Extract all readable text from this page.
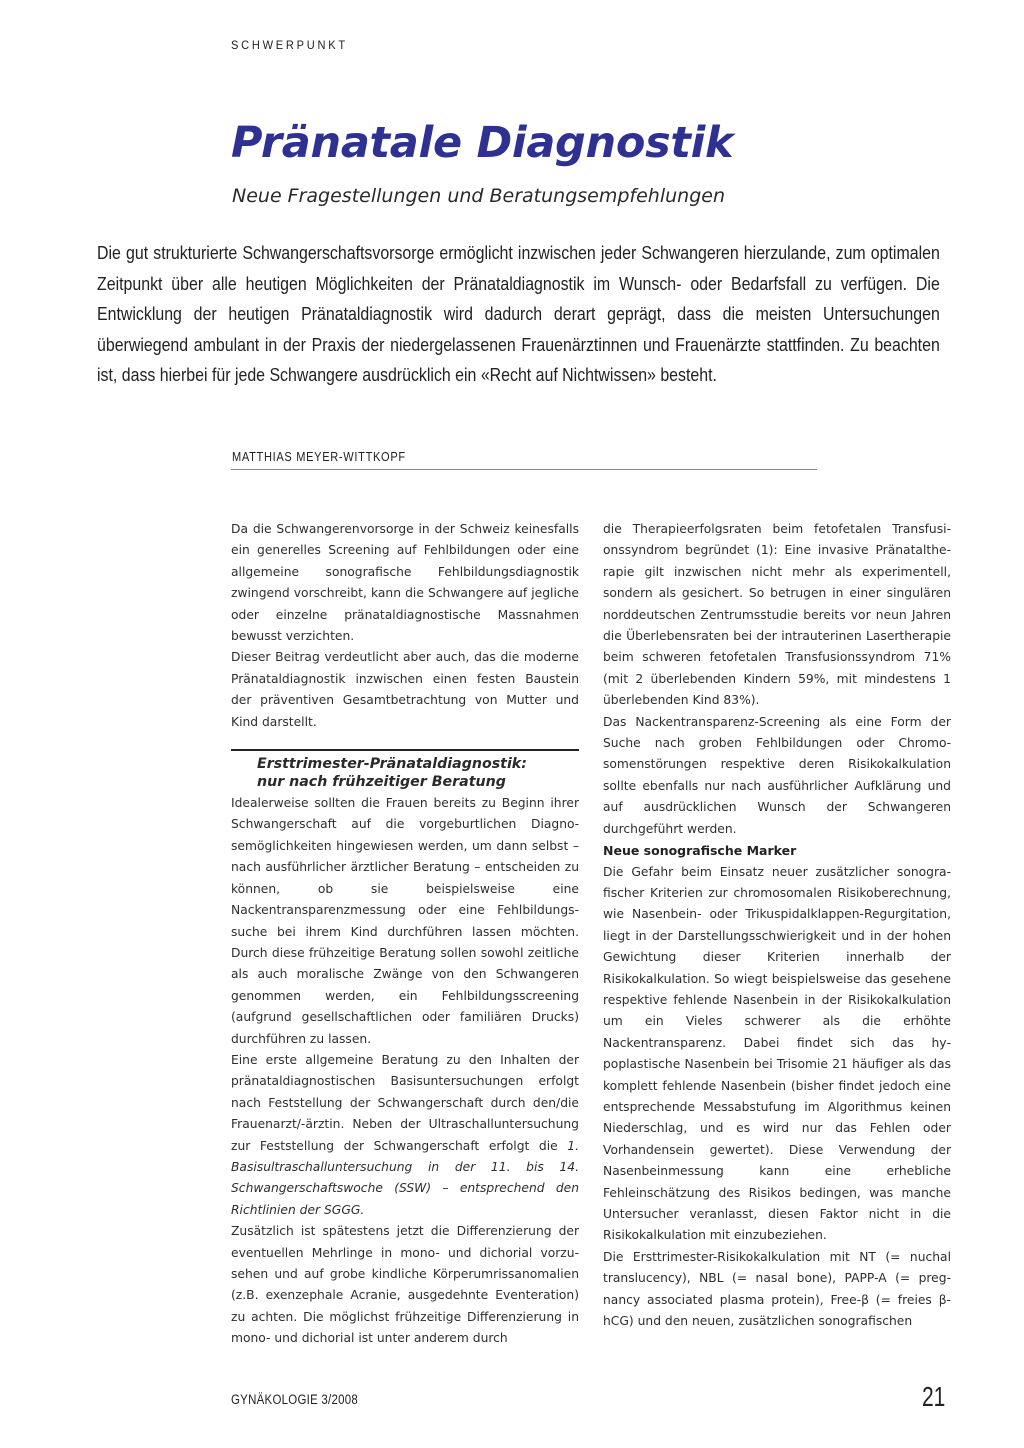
SCHWERPUNKT
Pränatale Diagnostik
Neue Fragestellungen und Beratungsempfehlungen

Die gut strukturierte Schwangerschaftsvorsorge ermöglicht inzwischen jeder Schwangeren hierzulande, zum optimalen Zeitpunkt über alle heutigen Möglichkeiten der Pränataldiagnostik im Wunsch- oder Bedarfsfall zu verfügen. Die Entwicklung der heutigen Pränataldiagnostik wird dadurch derart geprägt, dass die meisten Untersuchungen überwiegend ambulant in der Praxis der niedergelassenen Frauenärztinnen und Frauenärzte stattfinden. Zu beachten ist, dass hierbei für jede Schwangere ausdrücklich ein «Recht auf Nichtwissen» besteht.

MATTHIAS MEYER-WITTKOPF

Da die Schwangerenvorsorge in der Schweiz keinesfalls ein generelles Screening auf Fehlbildungen oder eine allgemeine sonografische Fehlbildungsdiagnostik zwingend vorschreibt, kann die Schwangere auf jegliche oder einzelne pränataldiagnostische Massnahmen bewusst verzichten.

Dieser Beitrag verdeutlicht aber auch, das die moderne Pränataldiagnostik inzwischen einen festen Baustein der präventiven Gesamtbetrachtung von Mutter und Kind darstellt.

Ersttrimester-Pränataldiagnostik:
nur nach frühzeitiger Beratung

Idealerweise sollten die Frauen bereits zu Beginn ihrer Schwangerschaft auf die vorgeburtlichen Diagnosemöglichkeiten hingewiesen werden, um dann selbst – nach ausführlicher ärztlicher Beratung – entscheiden zu können, ob sie beispielsweise eine Nackentransparenzmessung oder eine Fehlbildungssuche bei ihrem Kind durchführen lassen möchten. Durch diese frühzeitige Beratung sollen sowohl zeitliche als auch moralische Zwänge von den Schwangeren genommen werden, ein Fehlbildungsscreening (aufgrund gesellschaftlichen oder familiären Drucks) durchführen zu lassen.

Eine erste allgemeine Beratung zu den Inhalten der pränataldiagnostischen Basisuntersuchungen erfolgt nach Feststellung der Schwangerschaft durch den/die Frauenarzt/-ärztin. Neben der Ultraschalluntersuchung zur Feststellung der Schwangerschaft erfolgt die 1. Basisultraschalluntersuchung in der 11. bis 14. Schwangerschaftswoche (SSW) – entsprechend den Richtlinien der SGGG.

Zusätzlich ist spätestens jetzt die Differenzierung der eventuellen Mehrlinge in mono- und dichorial vorzusehen und auf grobe kindliche Körperumrissanomalien (z.B. exenzephale Acranie, ausgedehnte Eventeration) zu achten. Die möglichst frühzeitige Differenzierung in mono- und dichorial ist unter anderem durch

die Therapieerfolgsraten beim fetofetalen Transfusionssyndrom begründet (1): Eine invasive Pränataltherapie gilt inzwischen nicht mehr als experimentell, sondern als gesichert. So betrugen in einer singulären norddeutschen Zentrumsstudie bereits vor neun Jahren die Überlebensraten bei der intrauterinen Lasertherapie beim schweren fetofetalen Transfusionssyndrom 71% (mit 2 überlebenden Kindern 59%, mit mindestens 1 überlebenden Kind 83%).

Das Nackentransparenz-Screening als eine Form der Suche nach groben Fehlbildungen oder Chromosomenstörungen respektive deren Risikokalkulation sollte ebenfalls nur nach ausführlicher Aufklärung und auf ausdrücklichen Wunsch der Schwangeren durchgeführt werden.

Neue sonografische Marker

Die Gefahr beim Einsatz neuer zusätzlicher sonografischer Kriterien zur chromosomalen Risikoberechnung, wie Nasenbein- oder Trikuspidalklappen-Regurgitation, liegt in der Darstellungsschwierigkeit und in der hohen Gewichtung dieser Kriterien innerhalb der Risikokalkulation. So wiegt beispielsweise das gesehene respektive fehlende Nasenbein in der Risikokalkulation um ein Vieles schwerer als die erhöhte Nackentransparenz. Dabei findet sich das hypoplastische Nasenbein bei Trisomie 21 häufiger als das komplett fehlende Nasenbein (bisher findet jedoch eine entsprechende Messabstufung im Algorithmus keinen Niederschlag, und es wird nur das Fehlen oder Vorhandensein gewertet). Diese Verwendung der Nasenbeinmessung kann eine erhebliche Fehleinschätzung des Risikos bedingen, was manche Untersucher veranlasst, diesen Faktor nicht in die Risikokalkulation mit einzubeziehen.

Die Ersttrimester-Risikokalkulation mit NT (= nuchal translucency), NBL (= nasal bone), PAPP-A (= pregnancy associated plasma protein), Free-β (= freies β-hCG) und den neuen, zusätzlichen sonografischen

GYNÄKOLOGIE 3/2008	21
